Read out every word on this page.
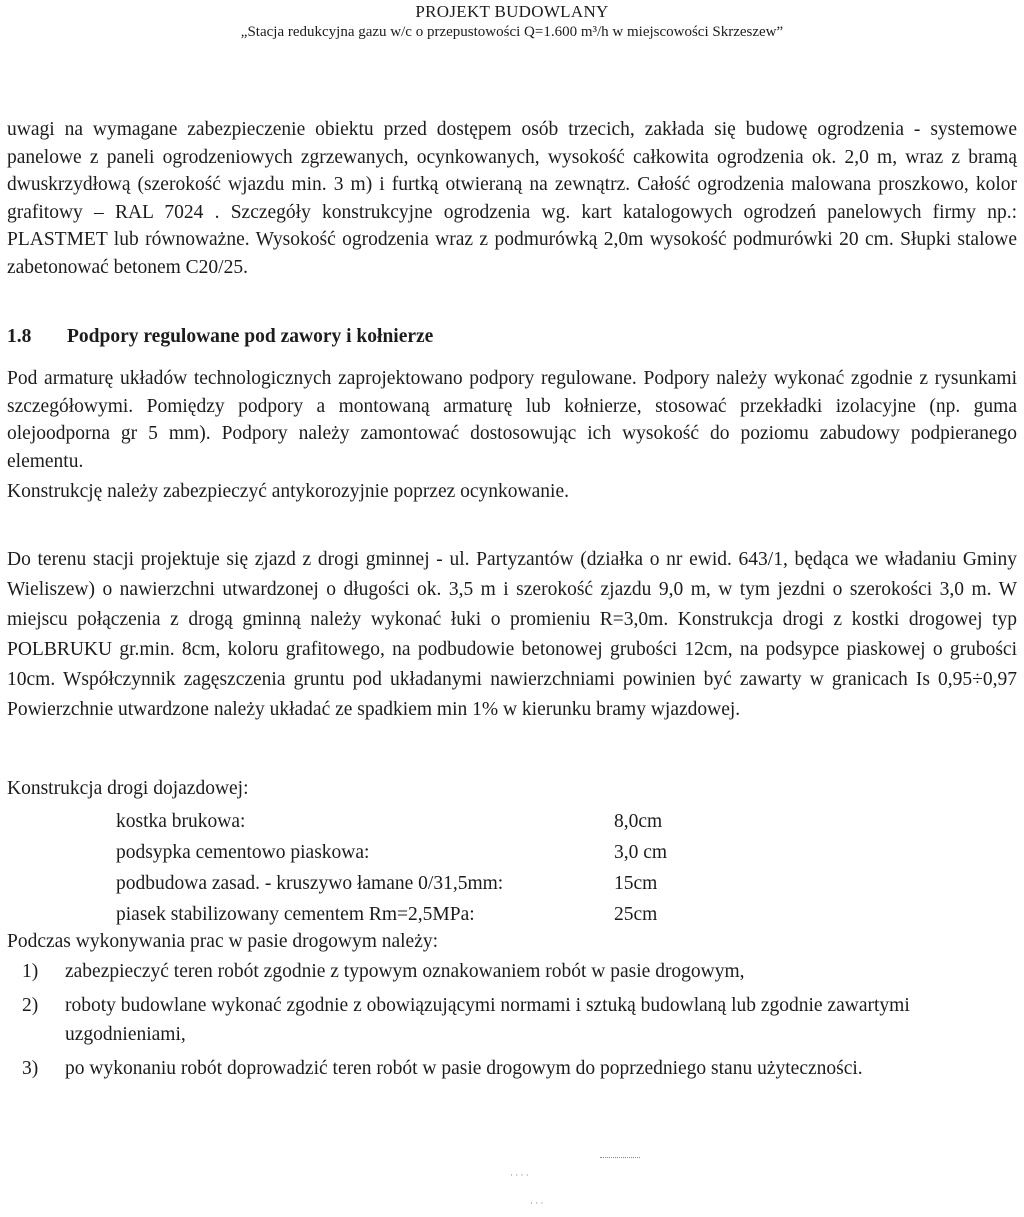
PROJEKT BUDOWLANY
„Stacja redukcyjna gazu w/c o przepustowości Q=1.600 m³/h w miejscowości Skrzeszew”
uwagi na wymagane zabezpieczenie obiektu przed dostępem osób trzecich, zakłada się budowę ogrodzenia - systemowe panelowe z paneli ogrodzeniowych zgrzewanych, ocynkowanych, wysokość całkowita ogrodzenia ok. 2,0 m, wraz z bramą dwuskrzydłową (szerokość wjazdu min. 3 m) i furtką otwieraną na zewnątrz. Całość ogrodzenia malowana proszkowo, kolor grafitowy – RAL 7024 . Szczegóły konstrukcyjne ogrodzenia wg. kart katalogowych ogrodzeń panelowych firmy np.: PLASTMET lub równoważne. Wysokość ogrodzenia wraz z podmurówką 2,0m wysokość podmurówki 20 cm. Słupki stalowe zabetonować betonem C20/25.
1.8 Podpory regulowane pod zawory i kołnierze
Pod armaturę układów technologicznych zaprojektowano podpory regulowane. Podpory należy wykonać zgodnie z rysunkami szczegółowymi. Pomiędzy podpory a montowaną armaturę lub kołnierze, stosować przekładki izolacyjne (np. guma olejoodporna gr 5 mm). Podpory należy zamontować dostosowując ich wysokość do poziomu zabudowy podpieranego elementu.
Konstrukcję należy zabezpieczyć antykorozyjnie poprzez ocynkowanie.
Do terenu stacji projektuje się zjazd z drogi gminnej - ul. Partyzantów (działka o nr ewid. 643/1, będąca we władaniu Gminy Wieliszew) o nawierzchni utwardzonej o długości ok. 3,5 m i szerokość zjazdu 9,0 m, w tym jezdni o szerokości 3,0 m. W miejscu połączenia z drogą gminną należy wykonać łuki o promieniu R=3,0m. Konstrukcja drogi z kostki drogowej typ POLBRUKU gr.min. 8cm, koloru grafitowego, na podbudowie betonowej grubości 12cm, na podsypce piaskowej o grubości 10cm. Współczynnik zagęszczenia gruntu pod układanymi nawierzchniami powinien być zawarty w granicach Is 0,95÷0,97 Powierzchnie utwardzone należy układać ze spadkiem min 1% w kierunku bramy wjazdowej.
Konstrukcja drogi dojazdowej:
kostka brukowa:	8,0cm
podsypka cementowo piaskowa:	3,0 cm
podbudowa zasad. - kruszywo łamane 0/31,5mm:	15cm
piasek stabilizowany cementem Rm=2,5MPa:	25cm
Podczas wykonywania prac w pasie drogowym należy:
1) zabezpieczyć teren robót zgodnie z typowym oznakowaniem robót w pasie drogowym,
2) roboty budowlane wykonać zgodnie z obowiązującymi normami i sztuką budowlaną lub zgodnie zawartymi uzgodnieniami,
3) po wykonaniu robót doprowadzić teren robót w pasie drogowym do poprzedniego stanu użyteczności.
· · · ·
· · ·
